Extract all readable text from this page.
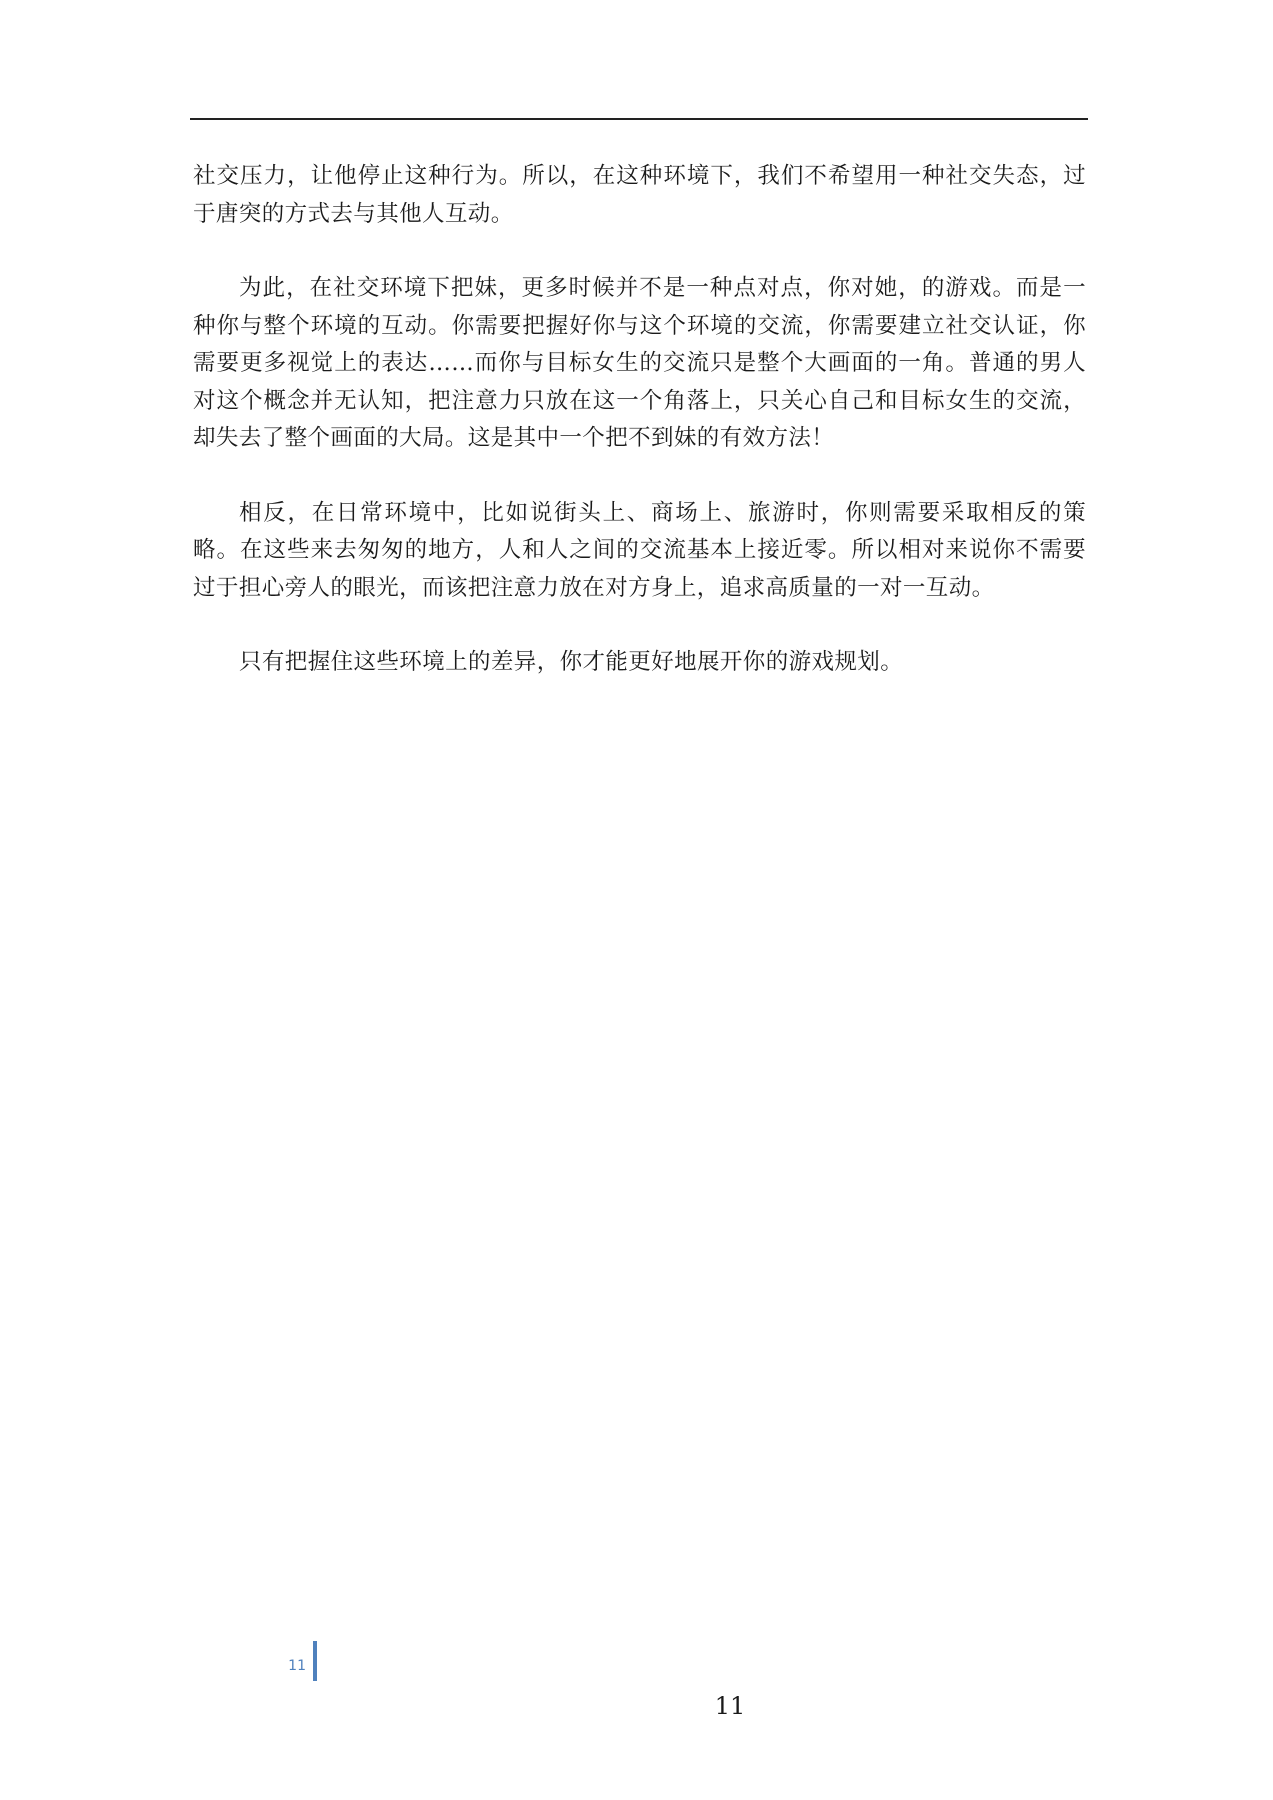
社交压力，让他停止这种行为。所以，在这种环境下，我们不希望用一种社交失态，过于唐突的方式去与其他人互动。

为此，在社交环境下把妹，更多时候并不是一种点对点，你对她，的游戏。而是一种你与整个环境的互动。你需要把握好你与这个环境的交流，你需要建立社交认证，你需要更多视觉上的表达……而你与目标女生的交流只是整个大画面的一角。普通的男人对这个概念并无认知，把注意力只放在这一个角落上，只关心自己和目标女生的交流，却失去了整个画面的大局。这是其中一个把不到妹的有效方法！

相反，在日常环境中，比如说街头上、商场上、旅游时，你则需要采取相反的策略。在这些来去匆匆的地方，人和人之间的交流基本上接近零。所以相对来说你不需要过于担心旁人的眼光，而该把注意力放在对方身上，追求高质量的一对一互动。

只有把握住这些环境上的差异，你才能更好地展开你的游戏规划。

11
11
